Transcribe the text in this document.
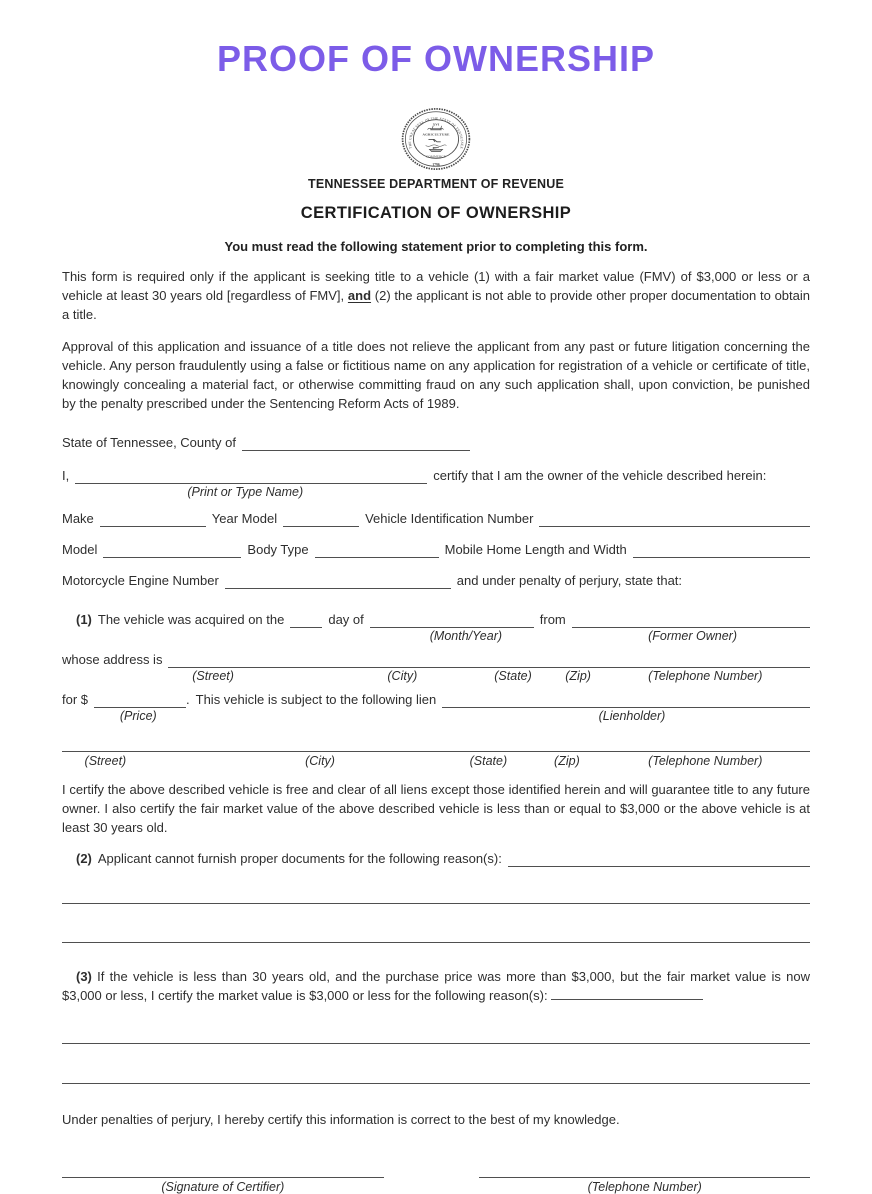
PROOF OF OWNERSHIP
THE GREAT SEAL OF THE STATE OF TENNESSEE
XVI
AGRICULTURE
COMMERCE
1796
TENNESSEE DEPARTMENT OF REVENUE
CERTIFICATION OF OWNERSHIP
You must read the following statement prior to completing this form.

This form is required only if the applicant is seeking title to a vehicle (1) with a fair market value (FMV) of $3,000 or less or a vehicle at least 30 years old [regardless of FMV], and (2) the applicant is not able to provide other proper documentation to obtain a title.

Approval of this application and issuance of a title does not relieve the applicant from any past or future litigation concerning the vehicle. Any person fraudulently using a false or fictitious name on any application for registration of a vehicle or certificate of title, knowingly concealing a material fact, or otherwise committing fraud on any such application shall, upon conviction, be punished by the penalty prescribed under the Sentencing Reform Acts of 1989.

State of Tennessee, County of
I,	certify that I am the owner of the vehicle described herein:
(Print or Type Name)
Make	Year Model	Vehicle Identification Number
Model	Body Type	Mobile Home Length and Width
Motorcycle Engine Number	and under penalty of perjury, state that:
(1) The vehicle was acquired on the	day of	from
(Month/Year)	(Former Owner)
whose address is
(Street)	(City)	(State)	(Zip)	(Telephone Number)
for $	. This vehicle is subject to the following lien
(Price)	(Lienholder)
(Street)	(City)	(State)	(Zip)	(Telephone Number)

I certify the above described vehicle is free and clear of all liens except those identified herein and will guarantee title to any future owner. I also certify the fair market value of the above described vehicle is less than or equal to $3,000 or the above vehicle is at least 30 years old.

(2) Applicant cannot furnish proper documents for the following reason(s):

(3) If the vehicle is less than 30 years old, and the purchase price was more than $3,000, but the fair market value is now $3,000 or less, I certify the market value is $3,000 or less for the following reason(s):

Under penalties of perjury, I hereby certify this information is correct to the best of my knowledge.

(Signature of Certifier)	(Telephone Number)
